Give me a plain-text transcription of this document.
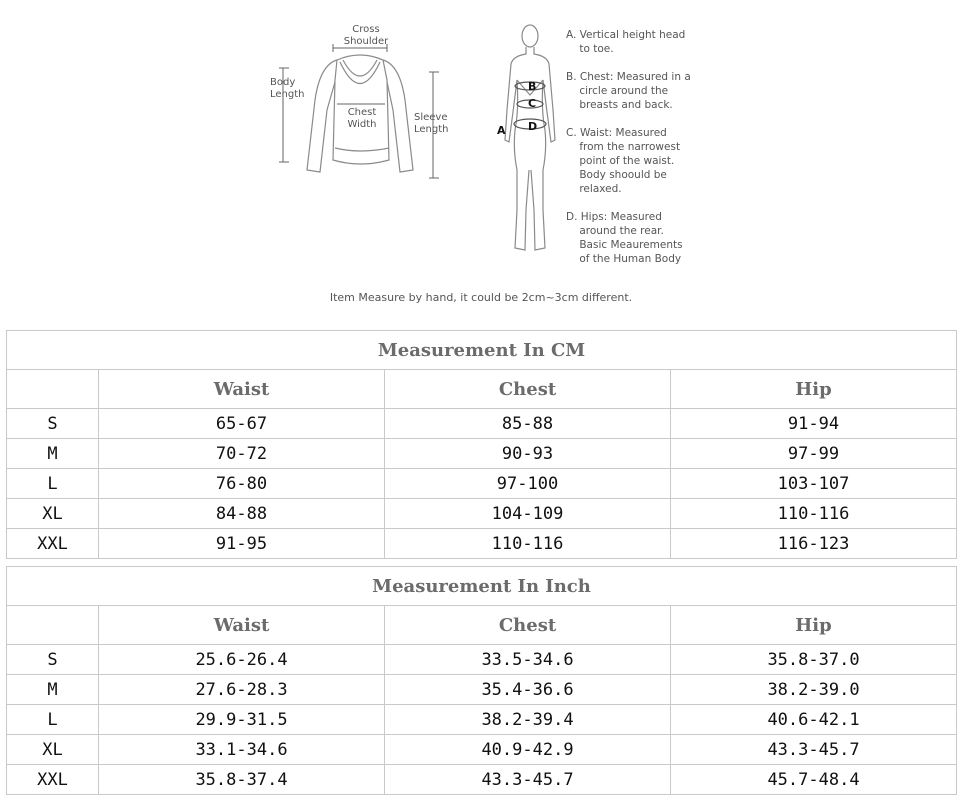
Cross
Shoulder
Body
Length
Chest
Width
Sleeve
Length	A
B
C
D
A. Vertical height head
to toe.
B. Chest: Measured in a
circle around the
breasts and back.
C. Waist: Measured
from the narrowest
point of the waist.
Body shoould be
relaxed.
D. Hips: Measured
around the rear.
Basic Meaurements
of the Human Body
Item Measure by hand, it could be 2cm~3cm different.
Measurement In CM			
	Waist	Chest	Hip
S	65-67	85-88	91-94
M	70-72	90-93	97-99
L	76-80	97-100	103-107
XL	84-88	104-109	110-116
XXL	91-95	110-116	116-123
Measurement In Inch			
	Waist	Chest	Hip
S	25.6-26.4	33.5-34.6	35.8-37.0
M	27.6-28.3	35.4-36.6	38.2-39.0
L	29.9-31.5	38.2-39.4	40.6-42.1
XL	33.1-34.6	40.9-42.9	43.3-45.7
XXL	35.8-37.4	43.3-45.7	45.7-48.4
